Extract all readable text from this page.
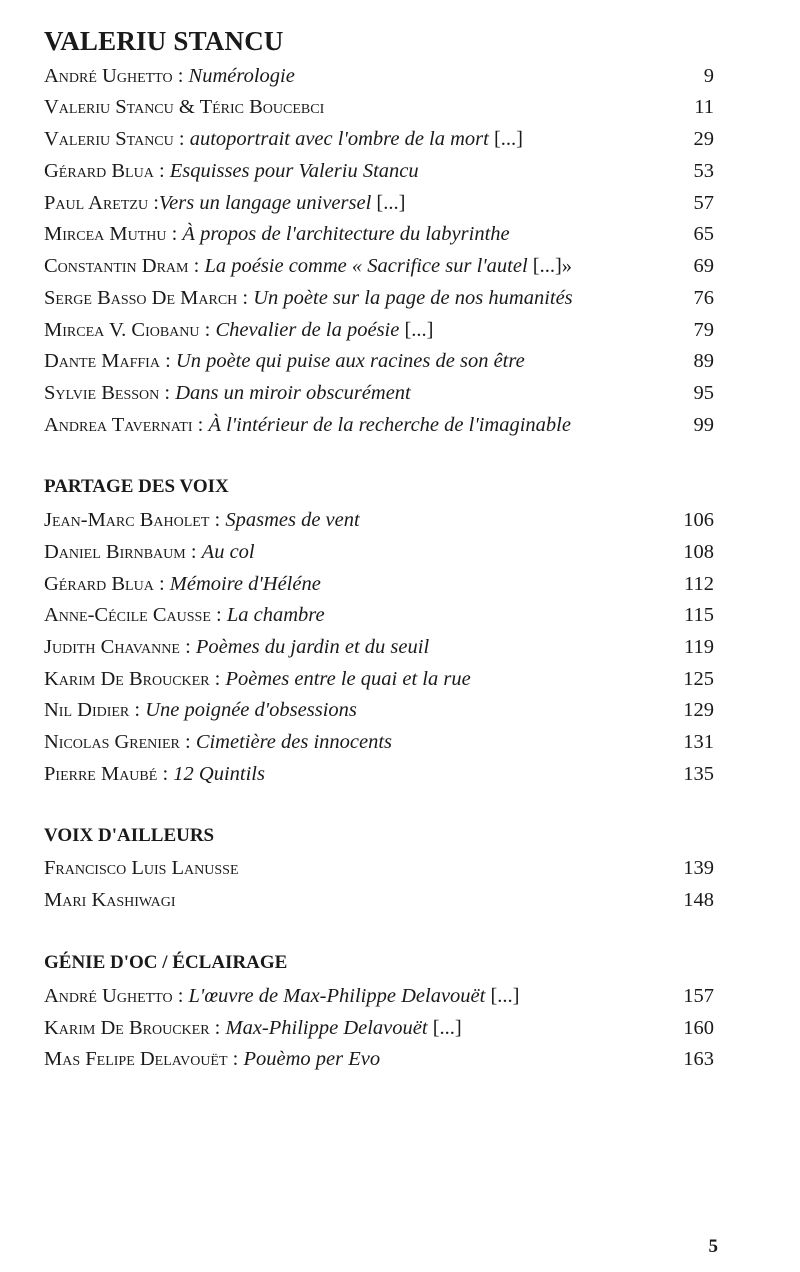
VALERIU STANCU
André Ughetto : Numérologie	9
Valeriu Stancu & Téric Boucebci	11
Valeriu Stancu : autoportrait avec l'ombre de la mort [...]	29
Gérard Blua : Esquisses pour Valeriu Stancu	53
Paul Aretzu :Vers un langage universel [...]	57
Mircea Muthu : À propos de l'architecture du labyrinthe	65
Constantin Dram : La poésie comme « Sacrifice sur l'autel [...]»	69
Serge Basso De March : Un poète sur la page de nos humanités	76
Mircea V. Ciobanu : Chevalier de la poésie [...]	79
Dante Maffia : Un poète qui puise aux racines de son être	89
Sylvie Besson : Dans un miroir obscurément	95
Andrea Tavernati : À l'intérieur de la recherche de l'imaginable	99
PARTAGE DES VOIX
Jean-Marc Baholet : Spasmes de vent	106
Daniel Birnbaum : Au col	108
Gérard Blua : Mémoire d'Héléne	112
Anne-Cécile Causse : La chambre	115
Judith Chavanne : Poèmes du jardin et du seuil	119
Karim De Broucker : Poèmes entre le quai et la rue	125
Nil Didier : Une poignée d'obsessions	129
Nicolas Grenier : Cimetière des innocents	131
Pierre Maubé : 12 Quintils	135
VOIX D'AILLEURS
Francisco Luis Lanusse	139
Mari Kashiwagi	148
GÉNIE D'OC / ÉCLAIRAGE
André Ughetto : L'œuvre de Max-Philippe Delavouët [...]	157
Karim De Broucker : Max-Philippe Delavouët [...]	160
Mas Felipe Delavouët : Pouèmo per Evo	163
5
